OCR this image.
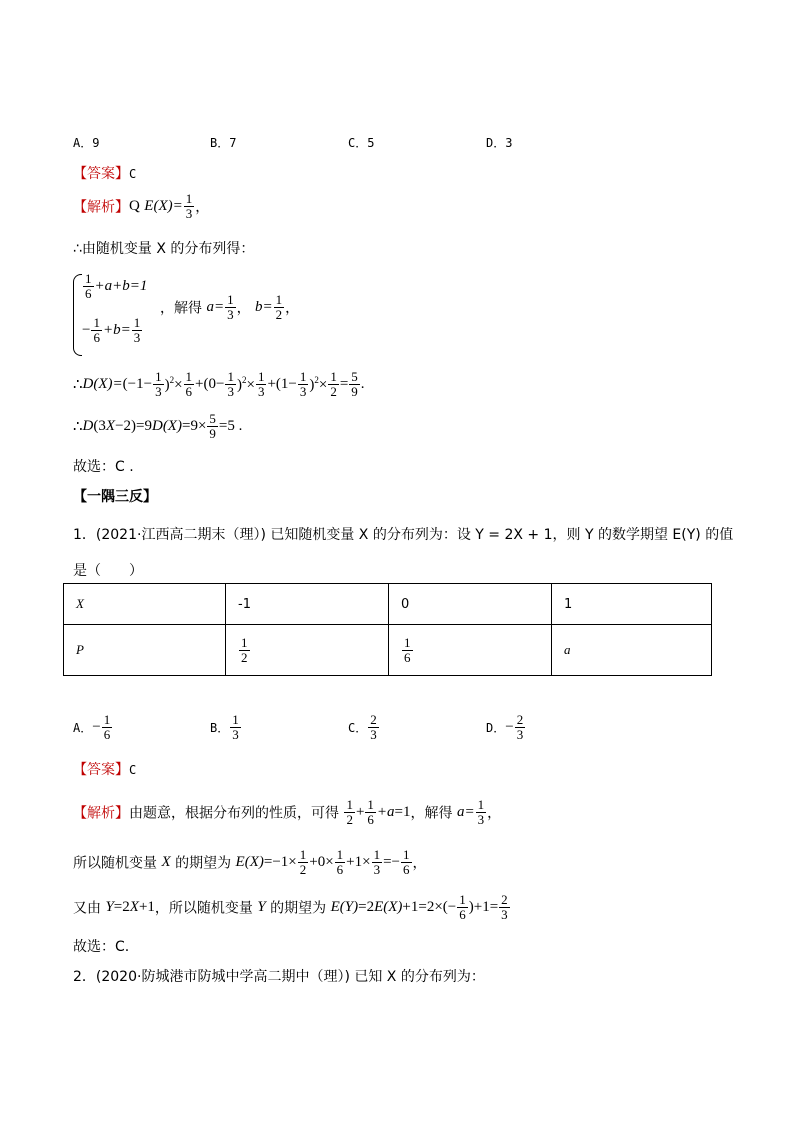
A．9	B．7	C．5	D．3
【答案】C
【解析】Q $E(X)= \frac{1}{3}$ ，
∴由随机变量 X 的分布列得：
$\frac{1}{6} +a+b=1$
− $\frac{1}{6} +b= \frac{1}{3}$
，解得 $a= \frac{1}{3}$ ， $b= \frac{1}{2}$ ，
∴D(X)=(−1− $\frac{1}{3} )^2\times \frac{1}{6} +(0- \frac{1}{3} )^2\times \frac{1}{3} +(1- \frac{1}{3} )^2\times \frac{1}{2} = \frac{5}{9}$ .
∴D(3X−2)=9D(X)=9× $\frac{5}{9} =5$ .
故选：C .
【一隅三反】
1．(2021·江西高二期末（理）) 已知随机变量 X 的分布列为：设 Y = 2X + 1，则 Y 的数学期望 E(Y) 的值
是（　　）
X	-1	0	1
P	$\frac{1}{2}$	$\frac{1}{6}$	a
A．− $\frac{1}{6}$	B． $\frac{1}{3}$	C． $\frac{2}{3}$	D．− $\frac{2}{3}$
【答案】C
【解析】由题意，根据分布列的性质，可得 $\frac{1}{2} + \frac{1}{6} +a=1$，解得 $a= \frac{1}{3}$ ，
所以随机变量 X 的期望为 $E(X)=-1\times \frac{1}{2} +0\times \frac{1}{6} +1\times \frac{1}{3} =- \frac{1}{6}$ ，
又由 Y=2X+1，所以随机变量 Y 的期望为 $E(Y)=2E(X)+1=2\times(- \frac{1}{6} )+1= \frac{2}{3}$
故选：C.
2．(2020·防城港市防城中学高二期中（理）) 已知 X 的分布列为：
